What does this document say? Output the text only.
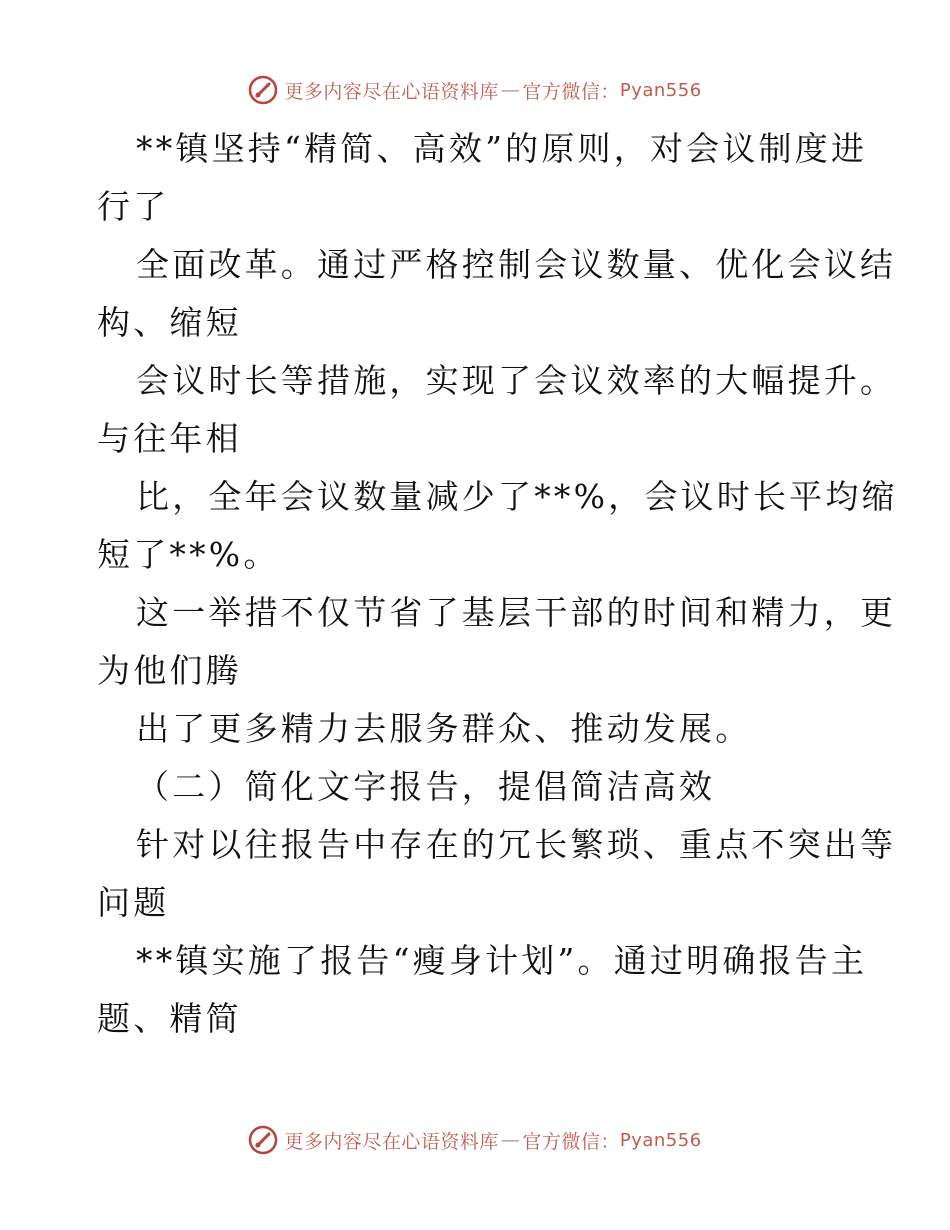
更多内容尽在心语资料库 — 官方微信： Pyan556

**镇坚持“精简、高效”的原则，对会议制度进
行了

全面改革。通过严格控制会议数量、优化会议结
构、缩短

会议时长等措施，实现了会议效率的大幅提升。
与往年相

比，全年会议数量减少了**%，会议时长平均缩
短了**%。

这一举措不仅节省了基层干部的时间和精力，更
为他们腾

出了更多精力去服务群众、推动发展。

（二）简化文字报告，提倡简洁高效

针对以往报告中存在的冗长繁琐、重点不突出等
问题

**镇实施了报告“瘦身计划”。通过明确报告主
题、精简

更多内容尽在心语资料库 — 官方微信： Pyan556
